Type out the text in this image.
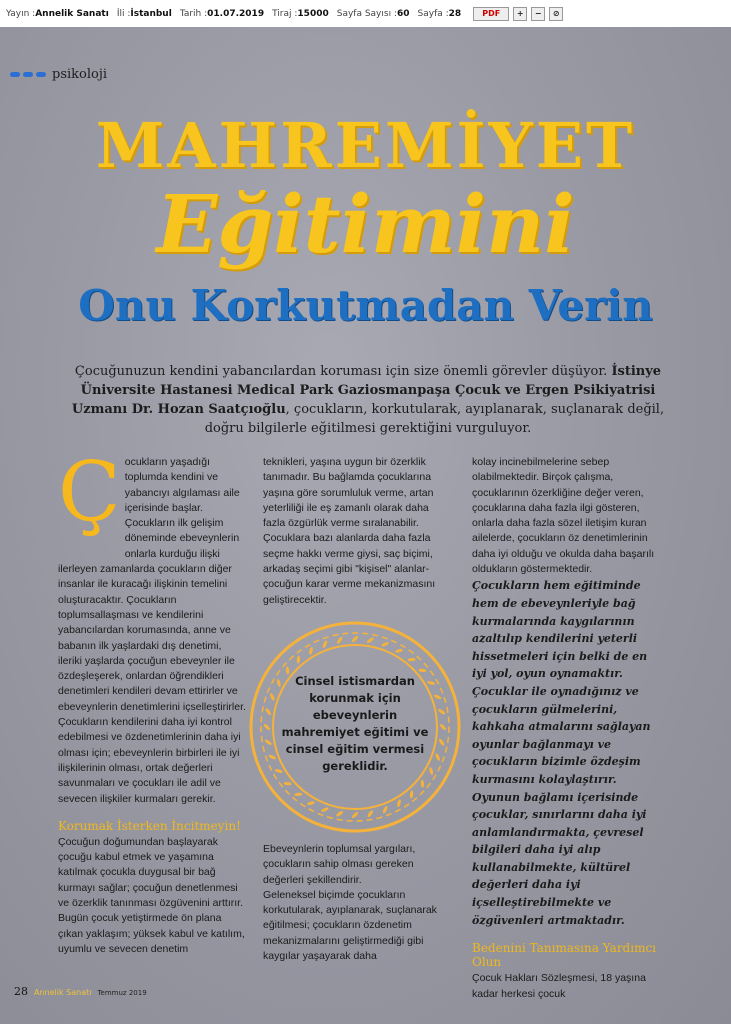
Yayın : Annelik Sanatı İli : İstanbul Tarih : 01.07.2019 Tiraj : 15000 Sayfa Sayısı : 60 Sayfa : 28	PDF	+	−	⊘
psikoloji
MAHREMİYET
Eğitimini
Onu Korkutmadan Verin
Çocuğunuzun kendini yabancılardan koruması için size önemli görevler düşüyor. İstinye Üniversite Hastanesi Medical Park Gaziosmanpaşa Çocuk ve Ergen Psikiyatrisi Uzmanı Dr. Hozan Saatçıoğlu, çocukların, korkutularak, ayıplanarak, suçlanarak değil, doğru bilgilerle eğitilmesi gerektiğini vurguluyor.
Ç ocukların yaşadığı toplumda kendini ve yabancıyı algılaması aile içerisinde başlar. Çocukların ilk gelişim döneminde ebeveynlerin onlarla kurduğu ilişki ilerleyen zamanlarda çocukların diğer insanlar ile kuracağı ilişkinin temelini oluşturacaktır. Çocukların toplumsallaşması ve kendilerini yabancılardan korumasında, anne ve babanın ilk yaşlardaki dış denetimi, ileriki yaşlarda çocuğun ebeveynler ile özdeşleşerek, onlardan öğrendikleri denetimleri kendileri devam ettirirler ve ebeveynlerin denetimlerini içselleştirirler. Çocukların kendilerini daha iyi kontrol edebilmesi ve özdenetimlerinin daha iyi olması için; ebeveynlerin birbirleri ile iyi ilişkilerinin olması, ortak değerleri savunmaları ve çocukları ile adil ve sevecen ilişkiler kurmaları gerekir.

Korumak İsterken İncitmeyin!

Çocuğun doğumundan başlayarak çocuğu kabul etmek ve yaşamına katılmak çocukla duygusal bir bağ kurmayı sağlar; çocuğun denetlenmesi ve özerklik tanınması özgüvenini arttırır. Bugün çocuk yetiştirmede ön plana çıkan yaklaşım; yüksek kabul ve katılım, uyumlu ve sevecen denetim

teknikleri, yaşına uygun bir özerklik tanımadır. Bu bağlamda çocuklarına yaşına göre sorumluluk verme, artan yeterliliği ile eş zamanlı olarak daha fazla özgürlük verme sıralanabilir. Çocuklara bazı alanlarda daha fazla seçme hakkı verme giysi, saç biçimi, arkadaş seçimi gibi "kişisel" alanlar-çocuğun karar verme mekanizmasını geliştirecektir.

Cinsel istismardan korunmak için ebeveynlerin mahremiyet eğitimi ve cinsel eğitim vermesi gereklidir.

Ebeveynlerin toplumsal yargıları, çocukların sahip olması gereken değerleri şekillendirir.

Geleneksel biçimde çocukların korkutularak, ayıplanarak, suçlanarak eğitilmesi; çocukların özdenetim mekanizmalarını geliştirmediği gibi kaygılar yaşayarak daha

kolay incinebilmelerine sebep olabilmektedir. Birçok çalışma, çocuklarının özerkliğine değer veren, çocuklarına daha fazla ilgi gösteren, onlarla daha fazla sözel iletişim kuran ailelerde, çocukların öz denetimlerinin daha iyi olduğu ve okulda daha başarılı oldukların göstermektedir.

Çocukların hem eğitiminde hem de ebeveynleriyle bağ kurmalarında kaygılarının azaltılıp kendilerini yeterli hissetmeleri için belki de en iyi yol, oyun oynamaktır. Çocuklar ile oynadığınız ve çocukların gülmelerini, kahkaha atmalarını sağlayan oyunlar bağlanmayı ve çocukların bizimle özdeşim kurmasını kolaylaştırır. Oyunun bağlamı içerisinde çocuklar, sınırlarını daha iyi anlamlandırmakta, çevresel bilgileri daha iyi alıp kullanabilmekte, kültürel değerleri daha iyi içselleştirebilmekte ve özgüvenleri artmaktadır.

Bedenini Tanımasına Yardımcı Olun

Çocuk Hakları Sözleşmesi, 18 yaşına kadar herkesi çocuk

28 Annelik Sanatı Temmuz 2019
